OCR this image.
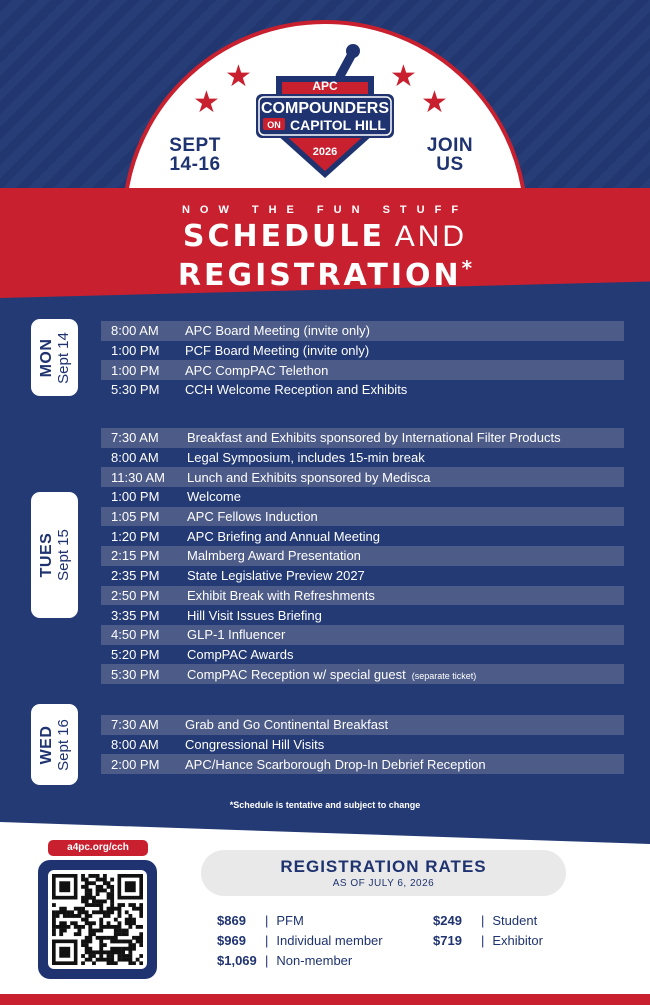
★
★	★
★
SEPT
14-16
JOIN
US
APC
COMPOUNDERS
ON CAPITOL HILL
2026
NOW THE FUN STUFF
SCHEDULE AND
REGISTRATION*
MON Sept 14
8:00 AM	APC Board Meeting (invite only)
1:00 PM	PCF Board Meeting (invite only)
1:00 PM	APC CompPAC Telethon
5:30 PM	CCH Welcome Reception and Exhibits
TUES Sept 15
7:30 AM	Breakfast and Exhibits sponsored by International Filter Products
8:00 AM	Legal Symposium, includes 15-min break
11:30 AM	Lunch and Exhibits sponsored by Medisca
1:00 PM	Welcome
1:05 PM	APC Fellows Induction
1:20 PM	APC Briefing and Annual Meeting
2:15 PM	Malmberg Award Presentation
2:35 PM	State Legislative Preview 2027
2:50 PM	Exhibit Break with Refreshments
3:35 PM	Hill Visit Issues Briefing
4:50 PM	GLP-1 Influencer
5:20 PM	CompPAC Awards
5:30 PM	CompPAC Reception w/ special guest (separate ticket)
WED Sept 16	7:30 AM	Grab and Go Continental Breakfast
8:00 AM	Congressional Hill Visits
2:00 PM	APC/Hance Scarborough Drop-In Debrief Reception
*Schedule is tentative and subject to change
a4pc.org/cch
REGISTRATION RATES
AS OF JULY 6, 2026
$869 | PFM
$969 | Individual member
$1,069 | Non-member
$249 | Student
$719 | Exhibitor
